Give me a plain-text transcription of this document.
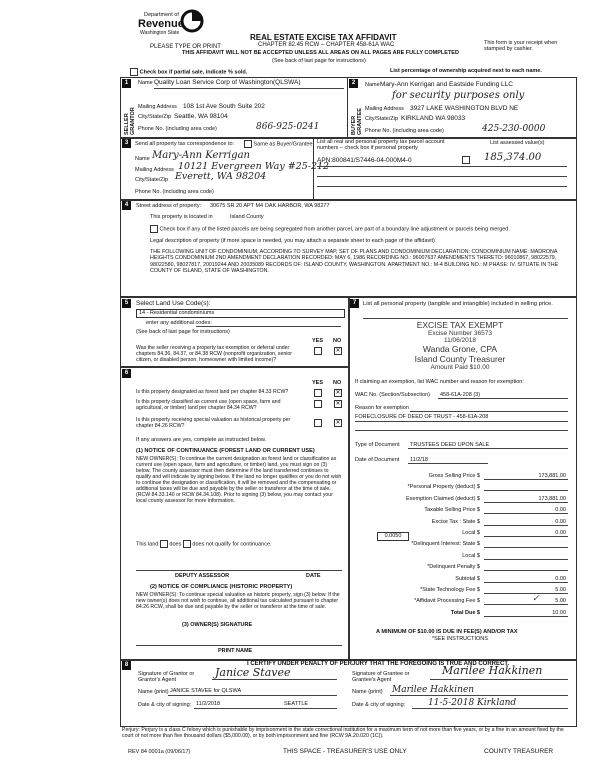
Department of
Revenue
Washington State	REAL ESTATE EXCISE TAX AFFIDAVIT
CHAPTER 82.45 RCW – CHAPTER 458-61A WAC
THIS AFFIDAVIT WILL NOT BE ACCEPTED UNLESS ALL AREAS ON ALL PAGES ARE FULLY COMPLETED
(See back of last page for instructions)
PLEASE TYPE OR PRINT
This form is your receipt when stamped by cashier.
Check box if partial sale, indicate % sold.	List percentage of ownership acquired next to each name.
1	2
SELLER GRANTOR
Name Quality Loan Service Corp of Washington(QLSWA)
Mailing Address 108 1st Ave South Suite 202
City/State/Zip Seattle, WA 98104
Phone No. (including area code)	866-925-0241	BUYER GRANTEE
Name Mary-Ann Kerrigan and Eastside Funding LLC
for security purposes only
Mailing Address 3927 LAKE WASHINGTON BLVD NE
City/State/Zip KIRKLAND WA 98033
Phone No. (including area code)	425-230-0000
3	Send all property tax correspondence to:	Same as Buyer/Grantee
Name Mary-Ann Kerrigan
Mailing Address 10121 Evergreen Way #25-212
City/State/Zip Everett, WA 98204
Phone No. (including area code)
List all real and personal property tax parcel account numbers – check box if personal property
List assessed value(s)
APN:800841/S7446-04-000M4-0	185,374.00
4	Street address of property: 30675 SR 20 APT M4 OAK HARBOR, WA 98277
This property is located in	Island County
Check box if any of the listed parcels are being segregated from another parcel, are part of a boundary line adjustment or parcels being merged.
Legal description of property (if more space is needed, you may attach a separate sheet to each page of the affidavit)
THE FOLLOWING UNIT OF CONDOMINIUM, ACCORDING TO SURVEY MAP, SET OF PLANS AND CONDOMINIUM DECLARATION: CONDOMINIUM NAME: MADRONA HEIGHTS CONDOMINIUM 2ND AMENDMENT DECLARATION RECORDED: MAY 6, 1986 RECORDING NO.: 96007637 AMENDMENTS THERETO: 96010867, 98022579, 98022580, 98027817, 20019244 AND 20035089 RECORDS OF: ISLAND COUNTY, WASHINGTON. APARTMENT NO.: M-4 BUILDING NO.: M PHASE: IV. SITUATE IN THE COUNTY OF ISLAND, STATE OF WASHINGTON.
5	Select Land Use Code(s):
14 - Residential condominiums
enter any additional codes:
(See back of last page for instructions)
YES NO
Was the seller receiving a property tax exemption or deferral under chapters 84.36, 84.37, or 84.38 RCW (nonprofit organization, senior citizen, or disabled person, homeowner with limited income)?
✕
6
YES NO
Is this property designated as forest land per chapter 84.33 RCW?	✕
Is this property classified as current use (open space, farm and agricultural, or timber) land per chapter 84.34 RCW?
✕
Is this property receiving special valuation as historical property per chapter 84.26 RCW?	✕
If any answers are yes, complete as instructed below.
(1) NOTICE OF CONTINUANCE (FOREST LAND OR CURRENT USE)
NEW OWNER(S): To continue the current designation as forest land or classification as current use (open space, farm and agriculture, or timber) land, you must sign on (3) below. The county assessor must then determine if the land transferred continues to qualify and will indicate by signing below. If the land no longer qualifies or you do not wish to continue the designation or classification, it will be removed and the compensating or additional taxes will be due and payable by the seller or transferor at the time of sale. (RCW 84.33.140 or RCW 84.34.108). Prior to signing (3) below, you may contact your local county assessor for more information.
This land does does not qualify for continuance.
DEPUTY ASSESSOR	DATE
(2) NOTICE OF COMPLIANCE (HISTORIC PROPERTY)
NEW OWNER(S): To continue special valuation as historic property, sign (3) below. If the new owner(s) does not wish to continue, all additional tax calculated pursuant to chapter 84.26 RCW, shall be due and payable by the seller or transferor at the time of sale.
(3) OWNER(S) SIGNATURE
PRINT NAME
7	List all personal property (tangible and intangible) included in selling price.
EXCISE TAX EXEMPT
Excise Number 36573
11/06/2018
Wanda Grone, CPA
Island County Treasurer
Amount Paid $10.00
If claiming an exemption, list WAC number and reason for exemption:
WAC No. (Section/Subsection) 458-61A-208 (3)
Reason for exemption
FORECLOSURE OF DEED OF TRUST - 458-61A-208
Type of Document TRUSTEES DEED UPON SALE
Date of Document 11/2/18
Gross Selling Price $	173,881.00
*Personal Property (deduct) $
Exemption Claimed (deduct) $	173,881.00
Taxable Selling Price $	0.00
Excise Tax : State $	0.00
Local $	0.00
*Delinquent Interest: State $
Local $
*Delinquent Penalty $
Subtotal $	0.00
*State Technology Fee $	5.00
*Affidavit Processing Fee $	5.00
Total Due $	10.00
0.0050
✓
A MINIMUM OF $10.00 IS DUE IN FEE(S) AND/OR TAX
*SEE INSTRUCTIONS
8	I CERTIFY UNDER PENALTY OF PERJURY THAT THE FOREGOING IS TRUE AND CORRECT.
Signature of Grantor or Grantor's Agent
Janice Stavee
Name (print) JANICE STAVEE for QLSWA
Date & city of signing: 11/2/2018	SEATTLE
Signature of Grantee or Grantee's Agent
Marilee Hakkinen
Name (print) Marilee Hakkinen
Date & city of signing:	11-5-2018 Kirkland
Perjury: Perjury is a class C felony which is punishable by imprisonment in the state correctional institution for a maximum term of not more than five years, or by a fine in an amount fixed by the court of not more than five thousand dollars ($5,000.00), or by both imprisonment and fine (RCW 9A.20.020 (1C)).
REV 84 0001a (09/06/17)	THIS SPACE - TREASURER'S USE ONLY	COUNTY TREASURER
